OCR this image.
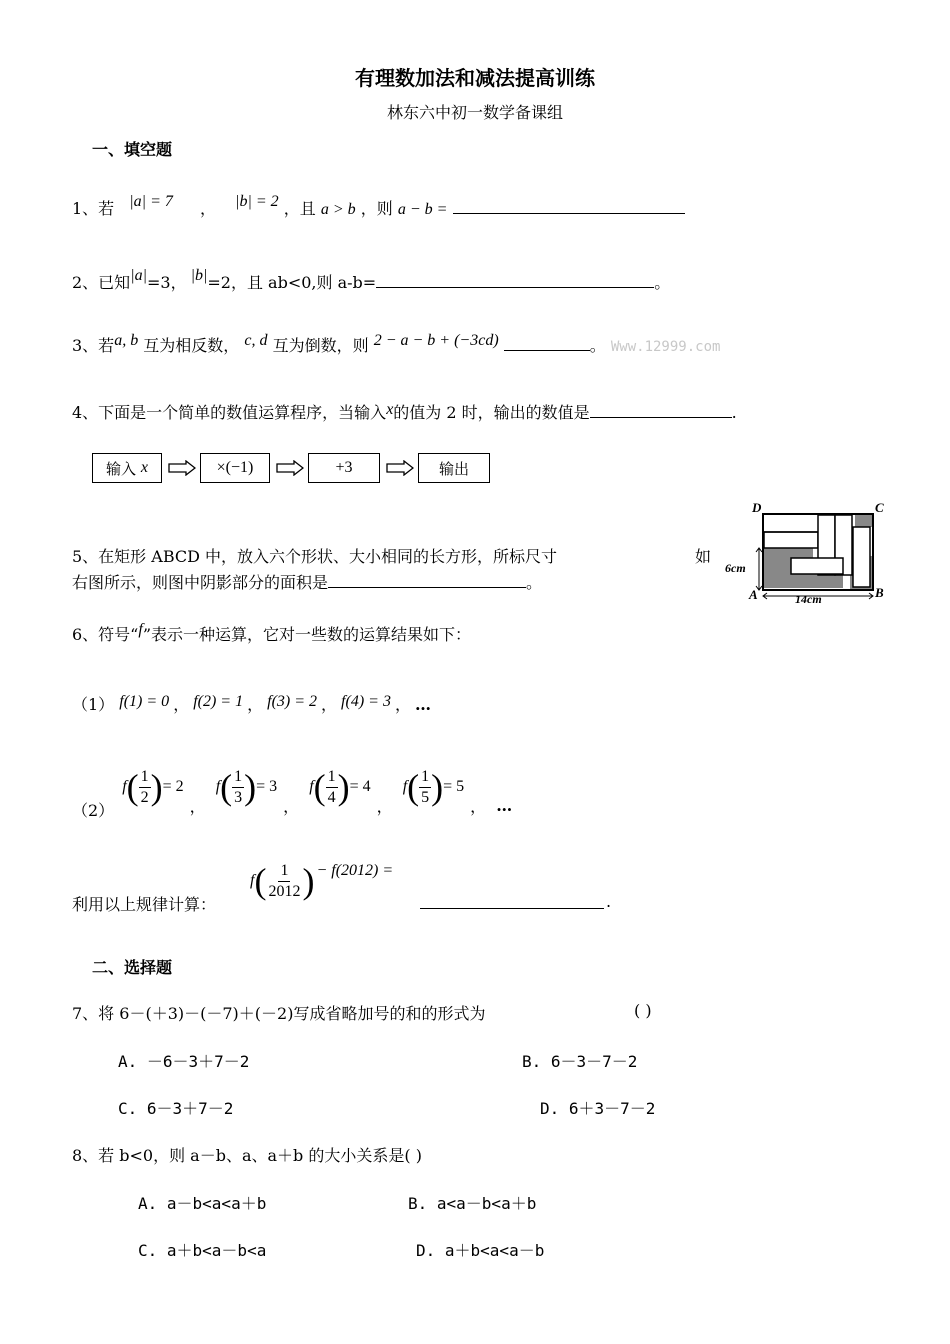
有理数加法和减法提高训练
林东六中初一数学备课组
一、填空题
1、若 |a| = 7 ， |b| = 2 ，且 a > b ，则 a − b =
2、已知|a|=3， |b|=2，且 ab<0,则 a-b=	。
3、若a, b 互为相反数， c, d 互为倒数，则 2 − a − b + (−3cd)	。 Www.12999.com
4、下面是一个简单的数值运算程序，当输入x的值为 2 时，输出的数值是	.
输入
x	×(−1)	+3	输出
5、在矩形 ABCD 中，放入六个形状、大小相同的长方形，所标尺寸	如
右图所示，则图中阴影部分的面积是	。
D	C
A	B
6cm
14cm
6、符号“f”表示一种运算，它对一些数的运算结果如下：
（1） f(1) = 0 ， f(2) = 1 ， f(3) = 2 ， f(4) = 3 ， …
（2）
f ( $\frac{1}{2}$ ) = 2
，
f ( $\frac{1}{3}$ ) = 3
，
f ( $\frac{1}{4}$ ) = 4
，
f ( $\frac{1}{5}$ ) = 5
， …
利用以上规律计算：
f ( $\frac{1}{2012}$ ) − f(2012) =
.
二、选择题
7、将 6－(＋3)－(－7)＋(－2)写成省略加号的和的形式为	( )
A. －6－3＋7－2	B. 6－3－7－2
C. 6－3＋7－2	D. 6＋3－7－2
8、若 b<0，则 a－b、a、a＋b 的大小关系是( )
A. a－b<a<a＋b	B. a<a－b<a＋b
C. a＋b<a－b<a	D. a＋b<a<a－b
